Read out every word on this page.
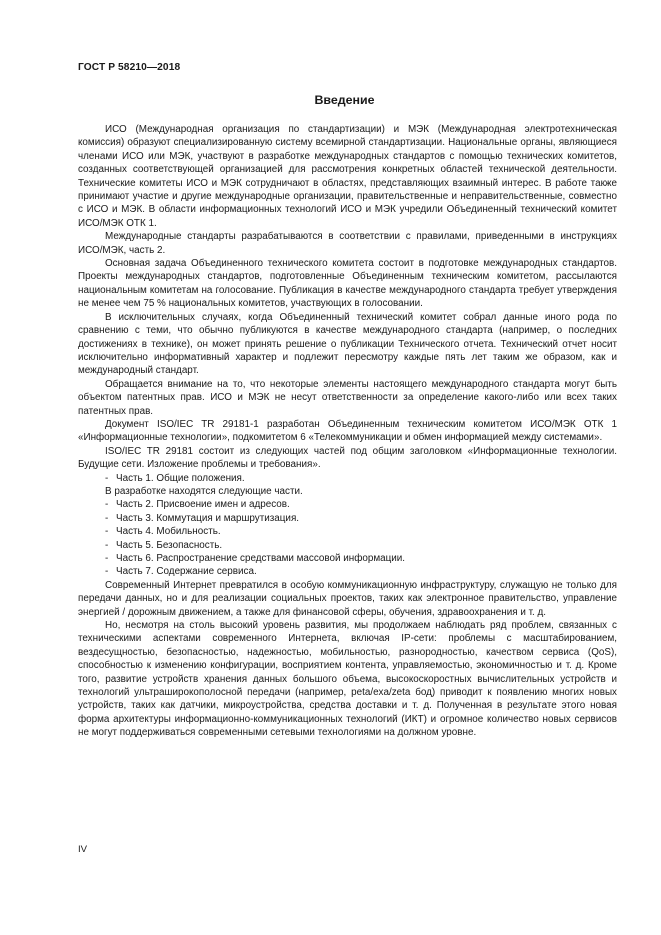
ГОСТ Р 58210—2018
Введение

ИСО (Международная организация по стандартизации) и МЭК (Международная электротехническая комиссия) образуют специализированную систему всемирной стандартизации. Национальные органы, являющиеся членами ИСО или МЭК, участвуют в разработке международных стандартов с помощью технических комитетов, созданных соответствующей организацией для рассмотрения конкретных областей технической деятельности. Технические комитеты ИСО и МЭК сотрудничают в областях, представляющих взаимный интерес. В работе также принимают участие и другие международные организации, правительственные и неправительственные, совместно с ИСО и МЭК. В области информационных технологий ИСО и МЭК учредили Объединенный технический комитет ИСО/МЭК ОТК 1.

Международные стандарты разрабатываются в соответствии с правилами, приведенными в инструкциях ИСО/МЭК, часть 2.

Основная задача Объединенного технического комитета состоит в подготовке международных стандартов. Проекты международных стандартов, подготовленные Объединенным техническим комитетом, рассылаются национальным комитетам на голосование. Публикация в качестве международного стандарта требует утверждения не менее чем 75 % национальных комитетов, участвующих в голосовании.

В исключительных случаях, когда Объединенный технический комитет собрал данные иного рода по сравнению с теми, что обычно публикуются в качестве международного стандарта (например, о последних достижениях в технике), он может принять решение о публикации Технического отчета. Технический отчет носит исключительно информативный характер и подлежит пересмотру каждые пять лет таким же образом, как и международный стандарт.

Обращается внимание на то, что некоторые элементы настоящего международного стандарта могут быть объектом патентных прав. ИСО и МЭК не несут ответственности за определение какого-либо или всех таких патентных прав.

Документ ISO/IEC TR 29181-1 разработан Объединенным техническим комитетом ИСО/МЭК ОТК 1 «Информационные технологии», подкомитетом 6 «Телекоммуникации и обмен информацией между системами».

ISO/IEC TR 29181 состоит из следующих частей под общим заголовком «Информационные технологии. Будущие сети. Изложение проблемы и требования».

- Часть 1. Общие положения.
В разработке находятся следующие части.
- Часть 2. Присвоение имен и адресов.
- Часть 3. Коммутация и маршрутизация.
- Часть 4. Мобильность.
- Часть 5. Безопасность.
- Часть 6. Распространение средствами массовой информации.
- Часть 7. Содержание сервиса.

Современный Интернет превратился в особую коммуникационную инфраструктуру, служащую не только для передачи данных, но и для реализации социальных проектов, таких как электронное правительство, управление энергией / дорожным движением, а также для финансовой сферы, обучения, здравоохранения и т. д.

Но, несмотря на столь высокий уровень развития, мы продолжаем наблюдать ряд проблем, связанных с техническими аспектами современного Интернета, включая IP-сети: проблемы с масштабированием, вездесущностью, безопасностью, надежностью, мобильностью, разнородностью, качеством сервиса (QoS), способностью к изменению конфигурации, восприятием контента, управляемостью, экономичностью и т. д. Кроме того, развитие устройств хранения данных большого объема, высокоскоростных вычислительных устройств и технологий ультраширокополосной передачи (например, peta/exa/zeta бод) приводит к появлению многих новых устройств, таких как датчики, микроустройства, средства доставки и т. д. Полученная в результате этого новая форма архитектуры информационно-коммуникационных технологий (ИКТ) и огромное количество новых сервисов не могут поддерживаться современными сетевыми технологиями на должном уровне.

IV
